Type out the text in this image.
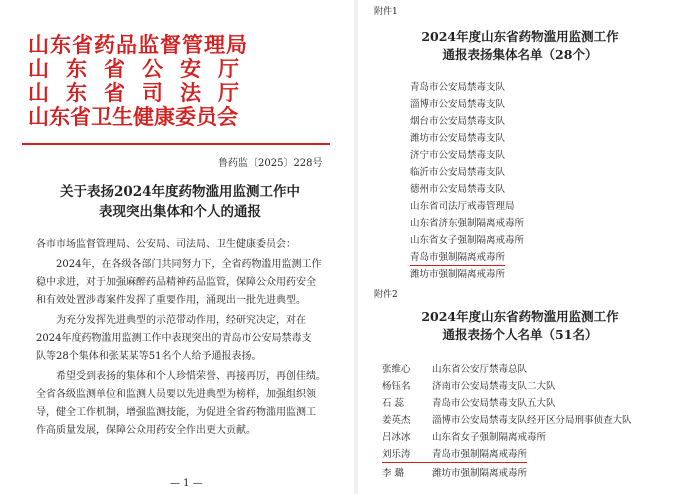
山东省药品监督管理局
山东省公安厅
山东省司法厅
山东省卫生健康委员会
鲁药监〔2025〕228号
关于表扬2024年度药物滥用监测工作中
表现突出集体和个人的通报
各市市场监督管理局、公安局、司法局、卫生健康委员会：
2024年，在各级各部门共同努力下，全省药物滥用监测工作
稳中求进，对于加强麻醉药品精神药品监管，保障公众用药安全
和有效处置涉毒案件发挥了重要作用，涌现出一批先进典型。
为充分发挥先进典型的示范带动作用，经研究决定，对在
2024年度药物滥用监测工作中表现突出的青岛市公安局禁毒支
队等28个集体和张某某等51名个人给予通报表扬。
希望受到表扬的集体和个人珍惜荣誉、再接再厉，再创佳绩。
全省各级监测单位和监测人员要以先进典型为榜样，加强组织领
导，健全工作机制，增强监测技能，为促进全省药物滥用监测工
作高质量发展，保障公众用药安全作出更大贡献。
— 1 —
附件1
2024年度山东省药物滥用监测工作
通报表扬集体名单（28个）
青岛市公安局禁毒支队
淄博市公安局禁毒支队
烟台市公安局禁毒支队
潍坊市公安局禁毒支队
济宁市公安局禁毒支队
临沂市公安局禁毒支队
德州市公安局禁毒支队
山东省司法厅戒毒管理局
山东省济东强制隔离戒毒所
山东省女子强制隔离戒毒所
青岛市强制隔离戒毒所
潍坊市强制隔离戒毒所
附件2
2024年度山东省药物滥用监测工作
通报表扬个人名单（51名）
张维心 山东省公安厅禁毒总队
杨钰名 济南市公安局禁毒支队二大队
石 蕊	青岛市公安局禁毒支队五大队
姜英杰 淄博市公安局禁毒支队经开区分局刑事侦查大队
吕冰冰 山东省女子强制隔离戒毒所
刘乐涛 青岛市强制隔离戒毒所
李 璐	潍坊市强制隔离戒毒所
